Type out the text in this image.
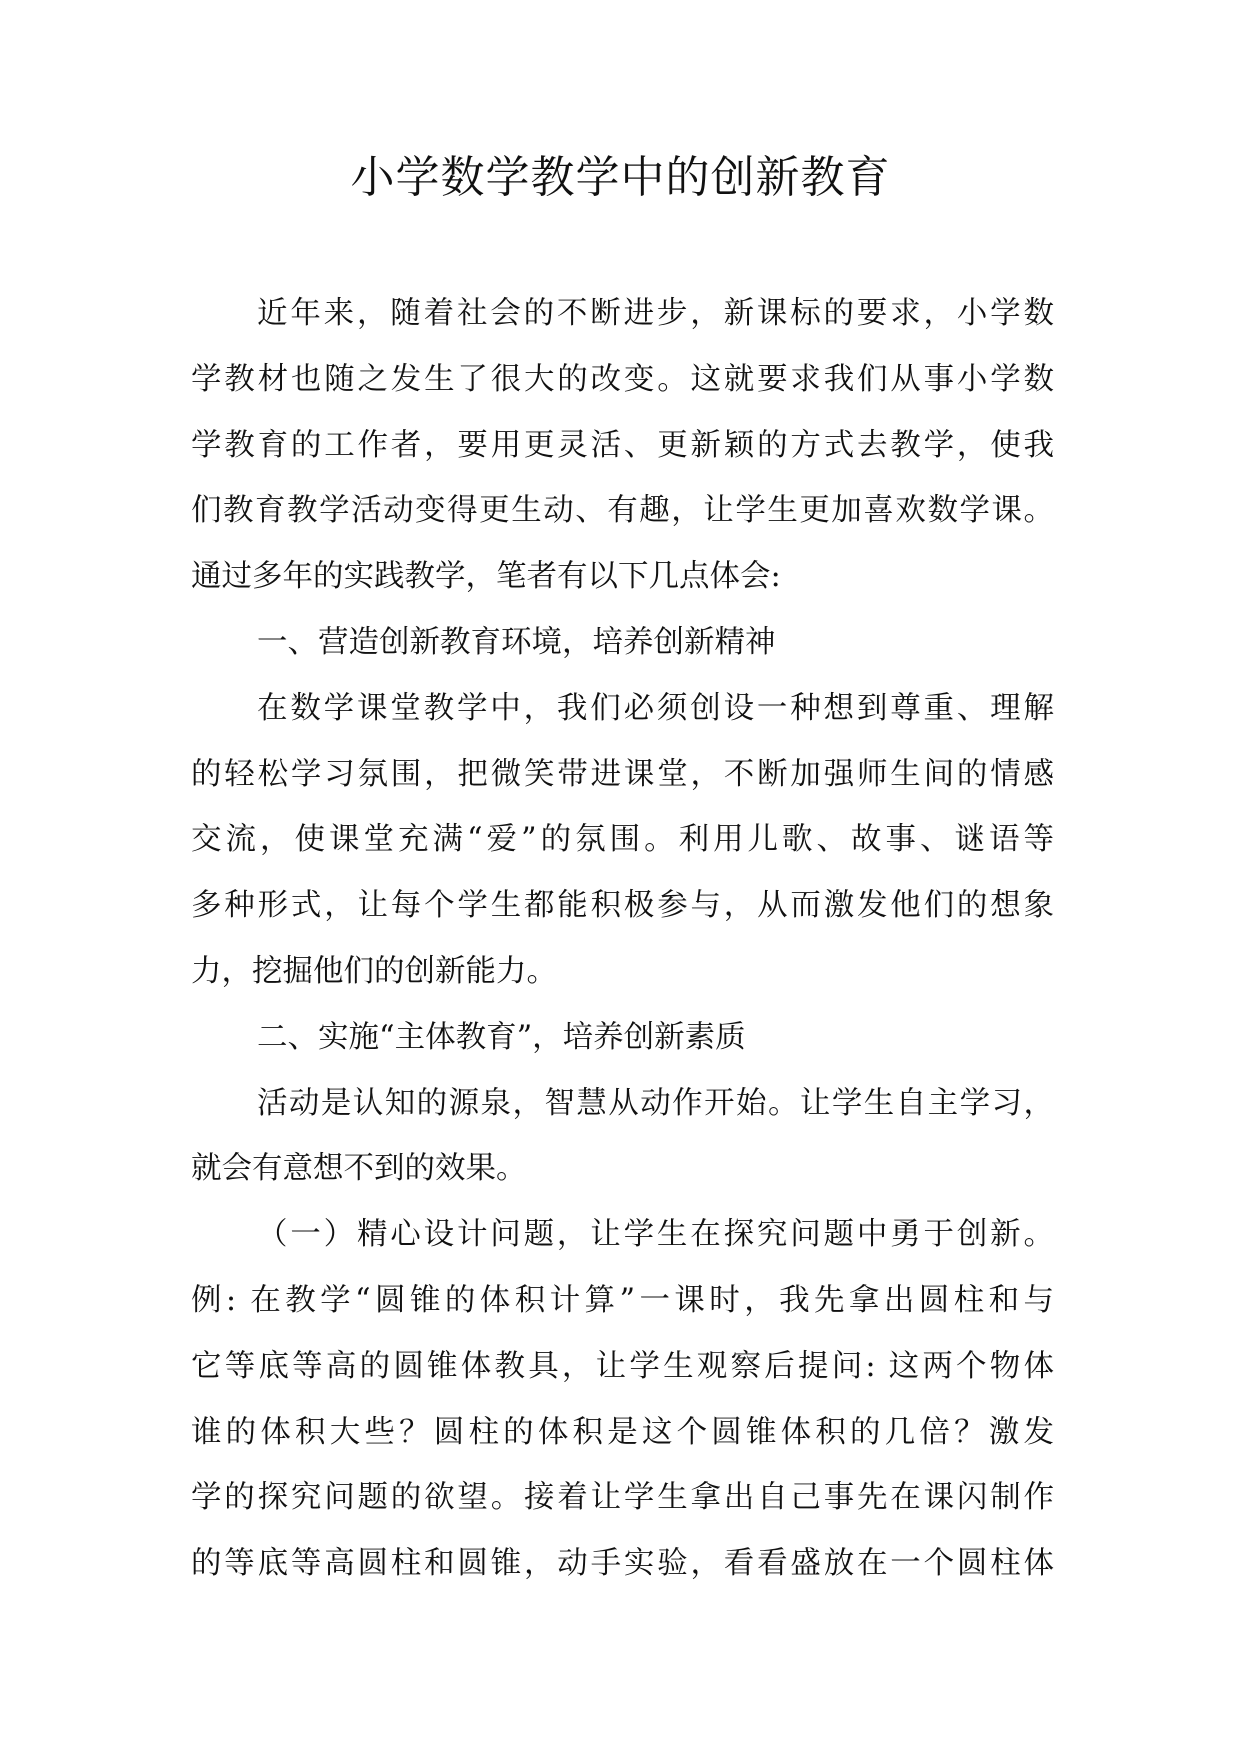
小学数学教学中的创新教育
近年来，随着社会的不断进步，新课标的要求，小学数
学教材也随之发生了很大的改变。这就要求我们从事小学数
学教育的工作者，要用更灵活、更新颖的方式去教学，使我
们教育教学活动变得更生动、有趣，让学生更加喜欢数学课。
通过多年的实践教学，笔者有以下几点体会:
一、营造创新教育环境，培养创新精神
在数学课堂教学中，我们必须创设一种想到尊重、理解
的轻松学习氛围，把微笑带进课堂，不断加强师生间的情感
交流，使课堂充满“爱”的氛围。利用儿歌、故事、谜语等
多种形式，让每个学生都能积极参与，从而激发他们的想象
力，挖掘他们的创新能力。
二、实施“主体教育”，培养创新素质
活动是认知的源泉，智慧从动作开始。让学生自主学习，
就会有意想不到的效果。
（一）精心设计问题，让学生在探究问题中勇于创新。
例: 在教学“圆锥的体积计算”一课时，我先拿出圆柱和与
它等底等高的圆锥体教具，让学生观察后提问: 这两个物体
谁的体积大些？圆柱的体积是这个圆锥体积的几倍？激发
学的探究问题的欲望。接着让学生拿出自己事先在课闪制作
的等底等高圆柱和圆锥，动手实验，看看盛放在一个圆柱体
